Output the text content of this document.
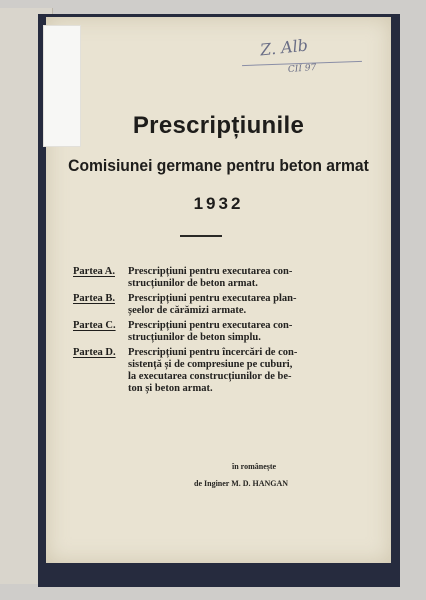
Z. Alb
CII 97
Prescripțiunile
Comisiunei germane pentru beton armat
1932
Partea A.	Prescripțiuni pentru executarea con-
strucțiunilor de beton armat.
Partea B.	Prescripțiuni pentru executarea plan-
șeelor de cărămizi armate.
Partea C.	Prescripțiuni pentru executarea con-
strucțiunilor de beton simplu.
Partea D.	Prescripțiuni pentru încercări de con-
sistență și de compresiune pe cuburi,
la executarea construcțiunilor de be-
ton și beton armat.
în românește
de Inginer M. D. HANGAN
